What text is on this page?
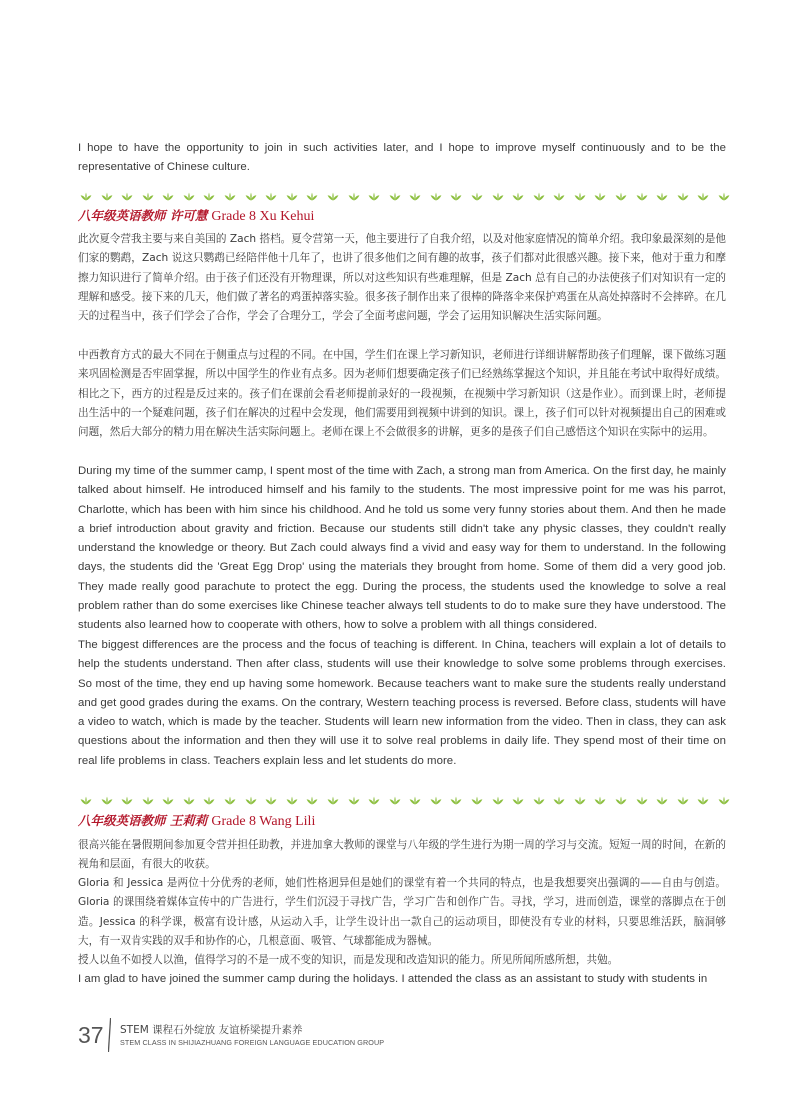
I hope to have the opportunity to join in such activities later, and I hope to improve myself continuously and to be the representative of Chinese culture.

八年级英语教师 许可慧 Grade 8 Xu Kehui

此次夏令营我主要与来自美国的 Zach 搭档。夏令营第一天，他主要进行了自我介绍，以及对他家庭情况的简单介绍。我印象最深刻的是他们家的鹦鹉，Zach 说这只鹦鹉已经陪伴他十几年了，也讲了很多他们之间有趣的故事，孩子们都对此很感兴趣。接下来，他对于重力和摩擦力知识进行了简单介绍。由于孩子们还没有开物理课，所以对这些知识有些难理解，但是 Zach 总有自己的办法使孩子们对知识有一定的理解和感受。接下来的几天，他们做了著名的鸡蛋掉落实验。很多孩子制作出来了很棒的降落伞来保护鸡蛋在从高处掉落时不会摔碎。在几天的过程当中，孩子们学会了合作，学会了合理分工，学会了全面考虑问题，学会了运用知识解决生活实际问题。

中西教育方式的最大不同在于侧重点与过程的不同。在中国，学生们在课上学习新知识，老师进行详细讲解帮助孩子们理解，课下做练习题来巩固检测是否牢固掌握，所以中国学生的作业有点多。因为老师们想要确定孩子们已经熟练掌握这个知识，并且能在考试中取得好成绩。相比之下，西方的过程是反过来的。孩子们在课前会看老师提前录好的一段视频，在视频中学习新知识（这是作业）。而到课上时，老师提出生活中的一个疑难问题，孩子们在解决的过程中会发现，他们需要用到视频中讲到的知识。课上，孩子们可以针对视频提出自己的困难或问题，然后大部分的精力用在解决生活实际问题上。老师在课上不会做很多的讲解，更多的是孩子们自己感悟这个知识在实际中的运用。

During my time of the summer camp, I spent most of the time with Zach, a strong man from America. On the first day, he mainly talked about himself. He introduced himself and his family to the students. The most impressive point for me was his parrot, Charlotte, which has been with him since his childhood. And he told us some very funny stories about them. And then he made a brief introduction about gravity and friction. Because our students still didn't take any physic classes, they couldn't really understand the knowledge or theory. But Zach could always find a vivid and easy way for them to understand. In the following days, the students did the 'Great Egg Drop' using the materials they brought from home. Some of them did a very good job. They made really good parachute to protect the egg. During the process, the students used the knowledge to solve a real problem rather than do some exercises like Chinese teacher always tell students to do to make sure they have understood. The students also learned how to cooperate with others, how to solve a problem with all things considered.

The biggest differences are the process and the focus of teaching is different. In China, teachers will explain a lot of details to help the students understand. Then after class, students will use their knowledge to solve some problems through exercises. So most of the time, they end up having some homework. Because teachers want to make sure the students really understand and get good grades during the exams. On the contrary, Western teaching process is reversed. Before class, students will have a video to watch, which is made by the teacher. Students will learn new information from the video. Then in class, they can ask questions about the information and then they will use it to solve real problems in daily life. They spend most of their time on real life problems in class. Teachers explain less and let students do more.

八年级英语教师 王莉莉 Grade 8 Wang Lili

很高兴能在暑假期间参加夏令营并担任助教，并进加拿大教师的课堂与八年级的学生进行为期一周的学习与交流。短短一周的时间，在新的视角和层面，有很大的收获。

Gloria 和 Jessica 是两位十分优秀的老师，她们性格迥异但是她们的课堂有着一个共同的特点，也是我想要突出强调的——自由与创造。Gloria 的课围绕着媒体宣传中的广告进行，学生们沉浸于寻找广告，学习广告和创作广告。寻找，学习，进而创造，课堂的落脚点在于创造。Jessica 的科学课，极富有设计感，从运动入手，让学生设计出一款自己的运动项目，即使没有专业的材料，只要思维活跃，脑洞够大，有一双肯实践的双手和协作的心，几根意面、吸管、气球都能成为器械。

授人以鱼不如授人以渔，值得学习的不是一成不变的知识，而是发现和改造知识的能力。所见所闻所感所想，共勉。

I am glad to have joined the summer camp during the holidays. I attended the class as an assistant to study with students in

37 STEM 课程石外绽放 友谊桥梁提升素养
STEM CLASS IN SHIJIAZHUANG FOREIGN LANGUAGE EDUCATION GROUP
